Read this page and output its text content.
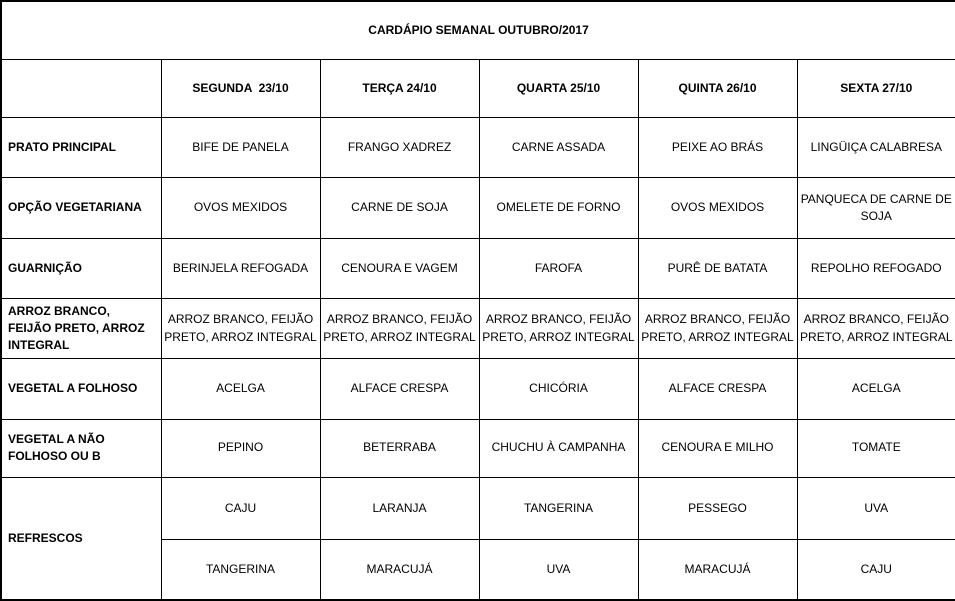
CARDÁPIO SEMANAL OUTUBRO/2017					
	SEGUNDA  23/10	TERÇA 24/10	QUARTA 25/10	QUINTA 26/10	SEXTA 27/10
PRATO PRINCIPAL	BIFE DE PANELA	FRANGO XADREZ	CARNE ASSADA	PEIXE AO BRÁS	LINGÜIÇA CALABRESA
OPÇÃO VEGETARIANA	OVOS MEXIDOS	CARNE DE SOJA	OMELETE DE FORNO	OVOS MEXIDOS	PANQUECA DE CARNE DE SOJA
GUARNIÇÃO	BERINJELA REFOGADA	CENOURA E VAGEM	FAROFA	PURÊ DE BATATA	REPOLHO REFOGADO
ARROZ BRANCO, FEIJÃO PRETO, ARROZ INTEGRAL	ARROZ BRANCO, FEIJÃO PRETO, ARROZ INTEGRAL	ARROZ BRANCO, FEIJÃO PRETO, ARROZ INTEGRAL	ARROZ BRANCO, FEIJÃO PRETO, ARROZ INTEGRAL	ARROZ BRANCO, FEIJÃO PRETO, ARROZ INTEGRAL	ARROZ BRANCO, FEIJÃO PRETO, ARROZ INTEGRAL
VEGETAL A FOLHOSO	ACELGA	ALFACE CRESPA	CHICÓRIA	ALFACE CRESPA	ACELGA
VEGETAL A NÃO FOLHOSO OU B	PEPINO	BETERRABA	CHUCHU À CAMPANHA	CENOURA E MILHO	TOMATE
REFRESCOS	CAJU	LARANJA	TANGERINA	PESSEGO	UVA
	TANGERINA	MARACUJÁ	UVA	MARACUJÁ	CAJU
